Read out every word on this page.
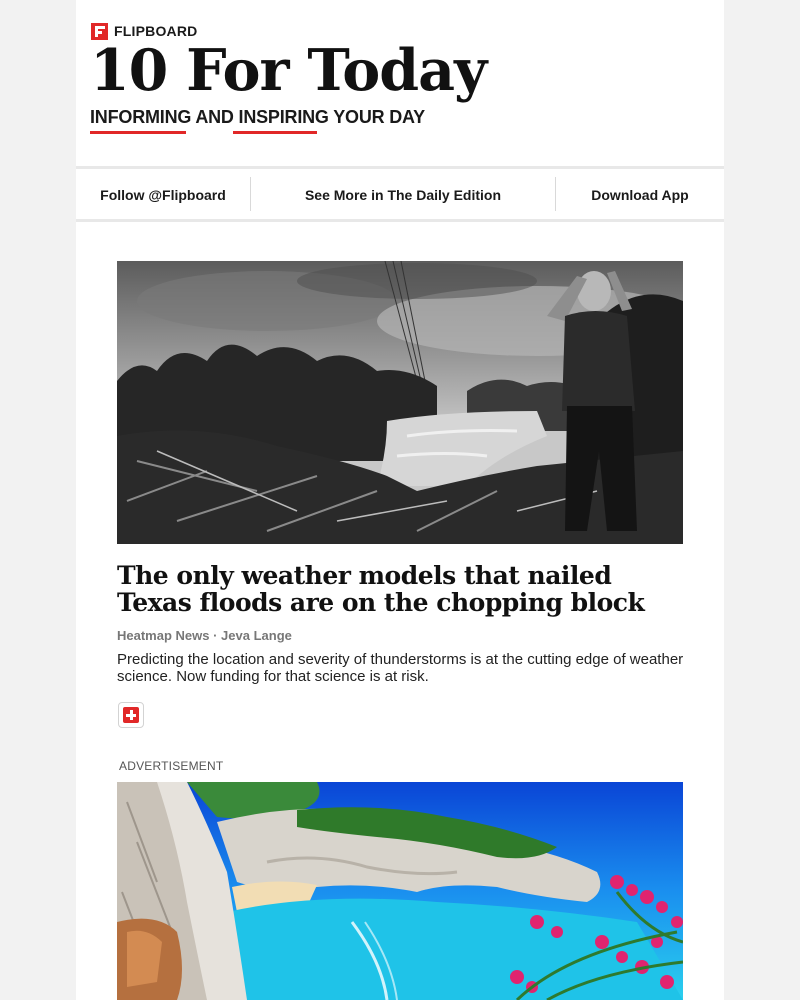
FLIPBOARD
10 For Today
INFORMING AND INSPIRING YOUR DAY
Follow @Flipboard	See More in The Daily Edition	Download App
The only weather models that nailed Texas floods are on the chopping block
Heatmap News · Jeva Lange
Predicting the location and severity of thunderstorms is at the cutting edge of weather science. Now funding for that science is at risk.
ADVERTISEMENT
